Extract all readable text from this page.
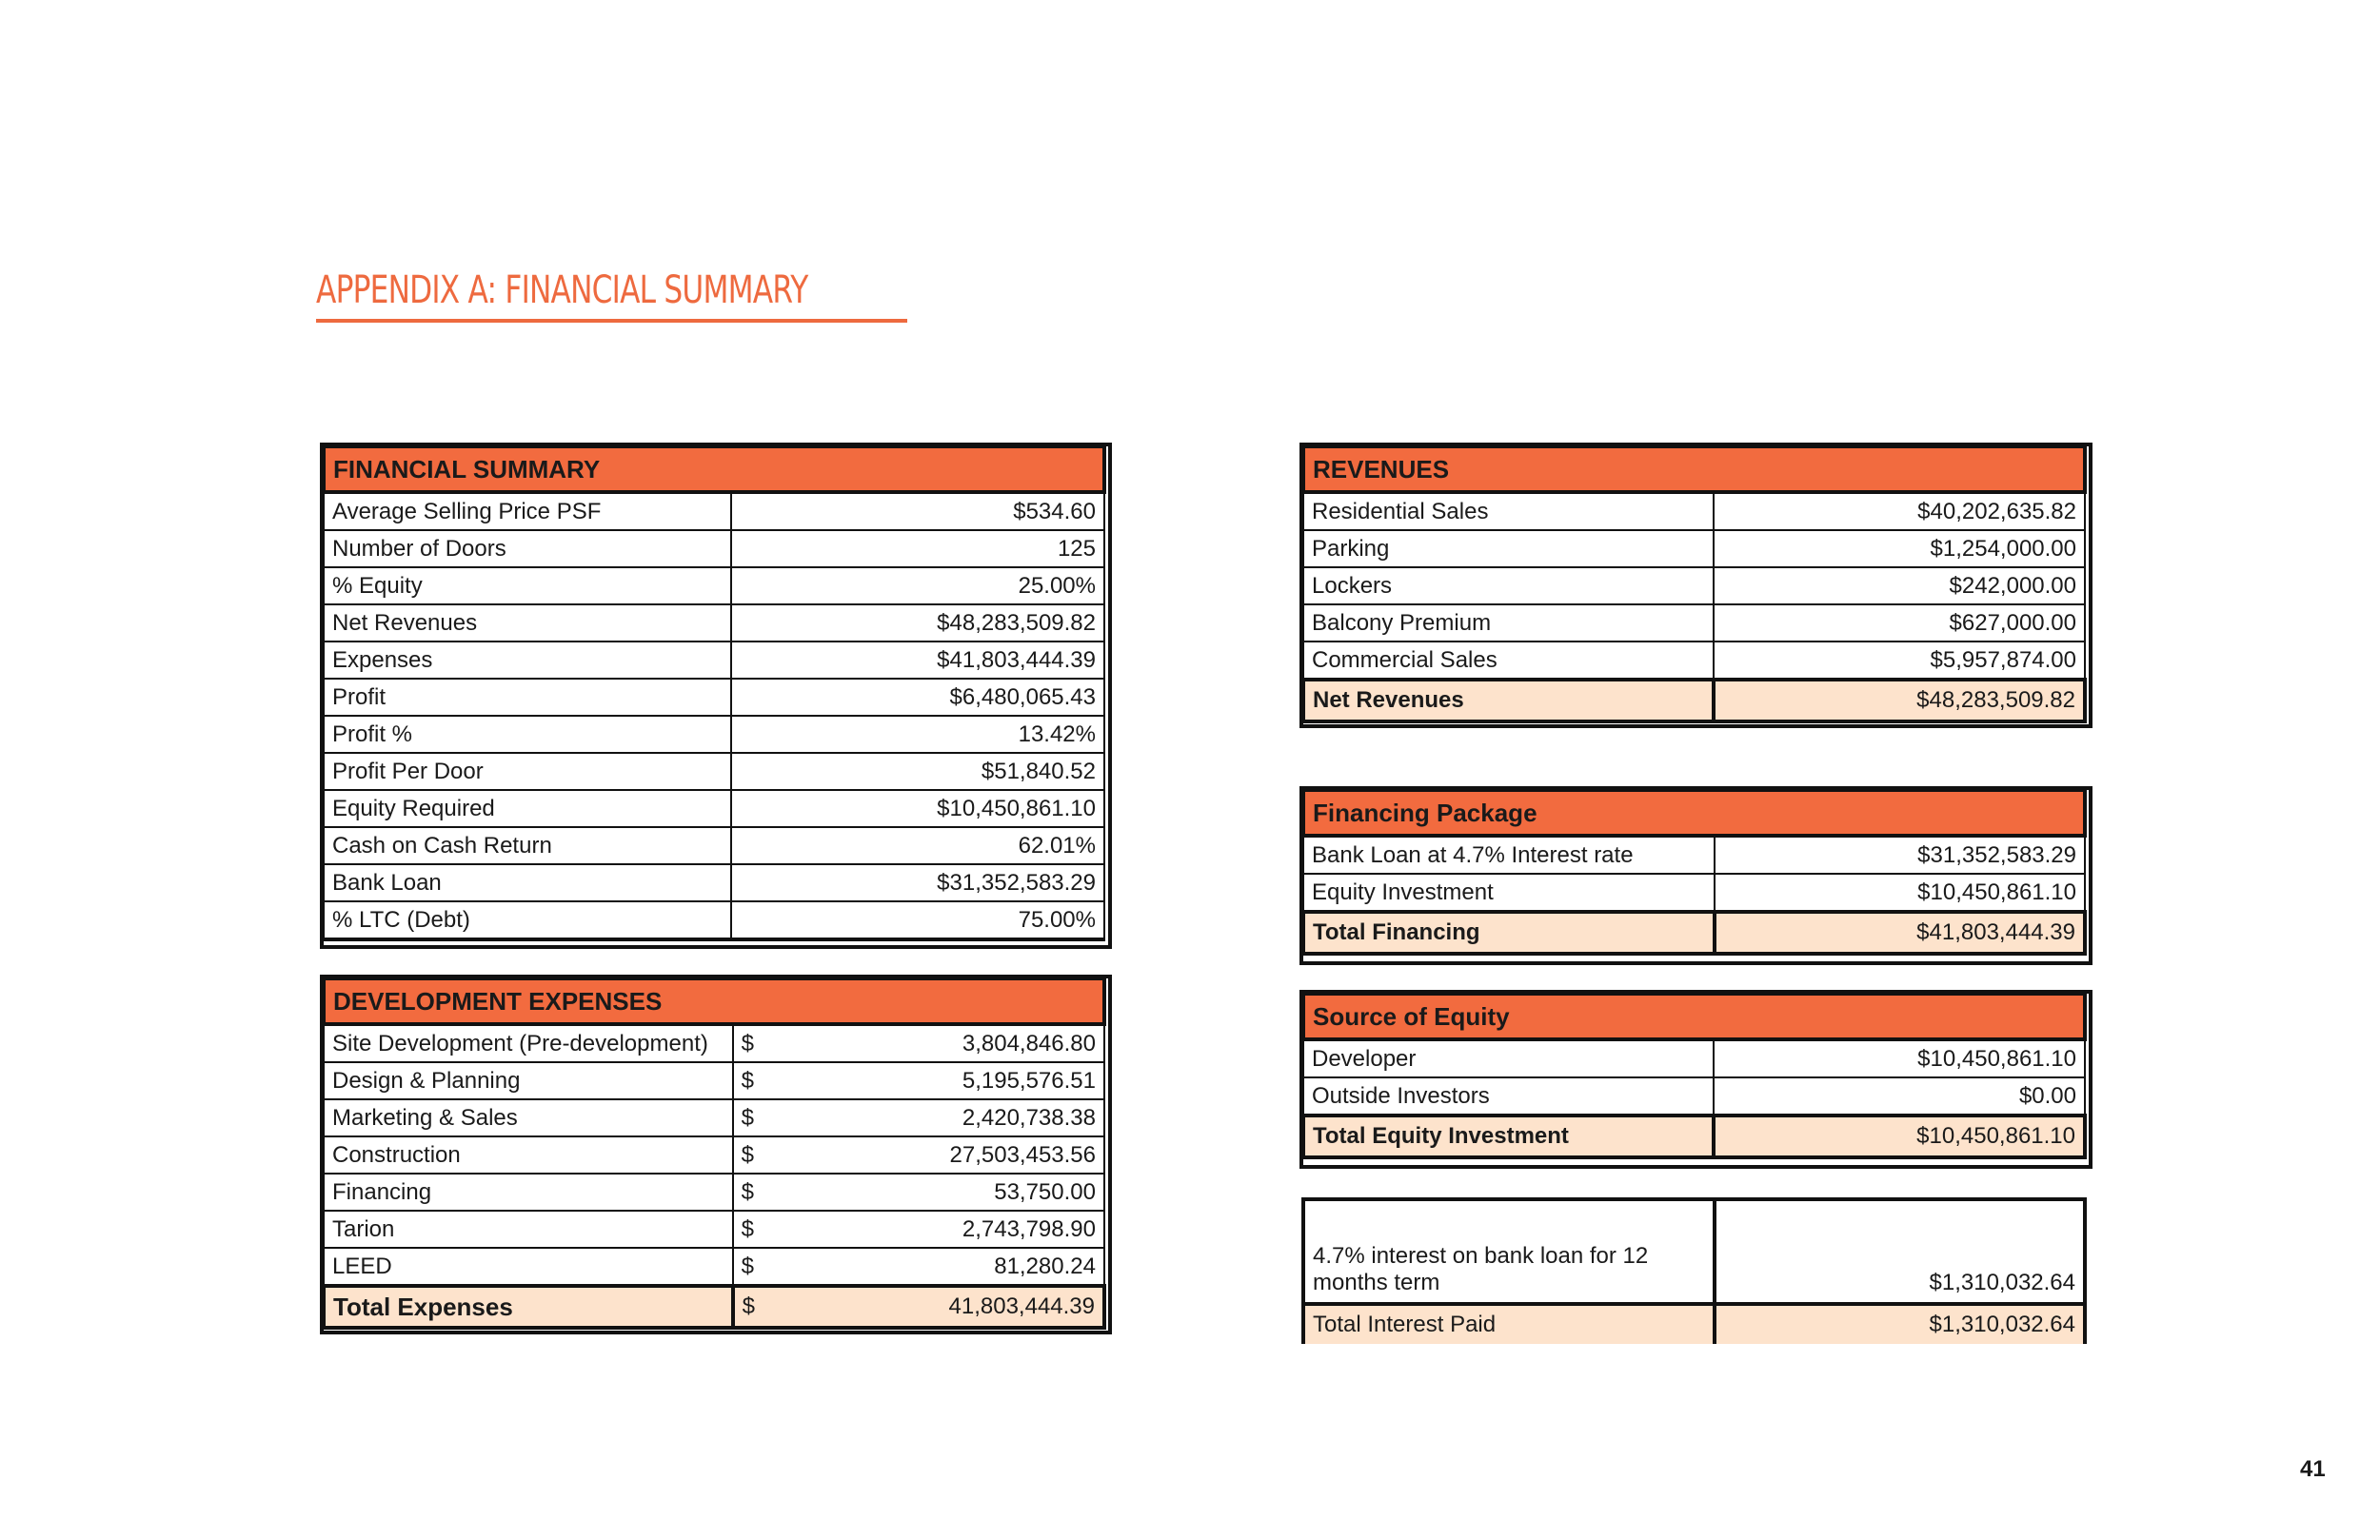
APPENDIX A: FINANCIAL SUMMARY
FINANCIAL SUMMARY	
Average Selling Price PSF	$534.60
Number of Doors	125
% Equity	25.00%
Net Revenues	$48,283,509.82
Expenses	$41,803,444.39
Profit	$6,480,065.43
Profit %	13.42%
Profit Per Door	$51,840.52
Equity Required	$10,450,861.10
Cash on Cash Return	62.01%
Bank Loan	$31,352,583.29
% LTC (Debt)	75.00%
DEVELOPMENT EXPENSES		
Site Development (Pre-development)	$	3,804,846.80
Design & Planning	$	5,195,576.51
Marketing & Sales	$	2,420,738.38
Construction	$	27,503,453.56
Financing	$	53,750.00
Tarion	$	2,743,798.90
LEED	$	81,280.24
Total Expenses	$	41,803,444.39
REVENUES	
Residential Sales	$40,202,635.82
Parking	$1,254,000.00
Lockers	$242,000.00
Balcony Premium	$627,000.00
Commercial Sales	$5,957,874.00
Net Revenues	$48,283,509.82
Financing Package	
Bank Loan at 4.7% Interest rate	$31,352,583.29
Equity Investment	$10,450,861.10
Total Financing	$41,803,444.39
Source of Equity	
Developer	$10,450,861.10
Outside Investors	$0.00
Total Equity Investment	$10,450,861.10
4.7% interest on bank loan for 12
months term	$1,310,032.64
Total Interest Paid	$1,310,032.64
41
